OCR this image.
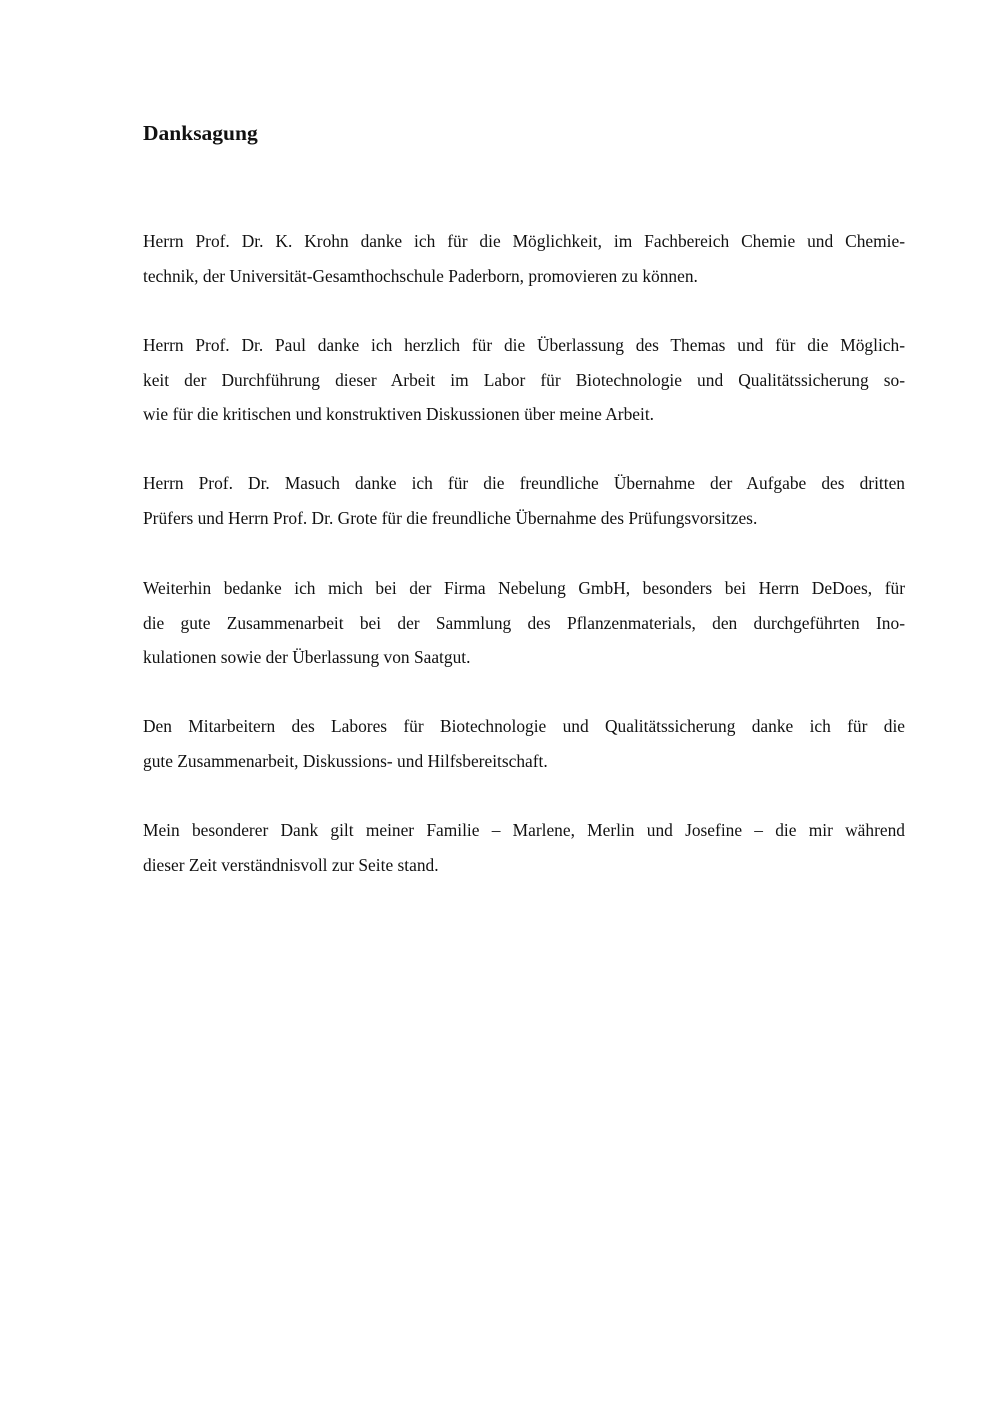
Danksagung

Herrn Prof. Dr. K. Krohn danke ich für die Möglichkeit, im Fachbereich Chemie und Chemie-
technik, der Universität-Gesamthochschule Paderborn, promovieren zu können.

Herrn Prof. Dr. Paul danke ich herzlich für die Überlassung des Themas und für die Möglich-
keit der Durchführung dieser Arbeit im Labor für Biotechnologie und Qualitätssicherung so-
wie für die kritischen und konstruktiven Diskussionen über meine Arbeit.

Herrn Prof. Dr. Masuch danke ich für die freundliche Übernahme der Aufgabe des dritten
Prüfers und Herrn Prof. Dr. Grote für die freundliche Übernahme des Prüfungsvorsitzes.

Weiterhin bedanke ich mich bei der Firma Nebelung GmbH, besonders bei Herrn DeDoes, für
die gute Zusammenarbeit bei der Sammlung des Pflanzenmaterials, den durchgeführten Ino-
kulationen sowie der Überlassung von Saatgut.

Den Mitarbeitern des Labores für Biotechnologie und Qualitätssicherung danke ich für die
gute Zusammenarbeit, Diskussions- und Hilfsbereitschaft.

Mein besonderer Dank gilt meiner Familie – Marlene, Merlin und Josefine – die mir während
dieser Zeit verständnisvoll zur Seite stand.
